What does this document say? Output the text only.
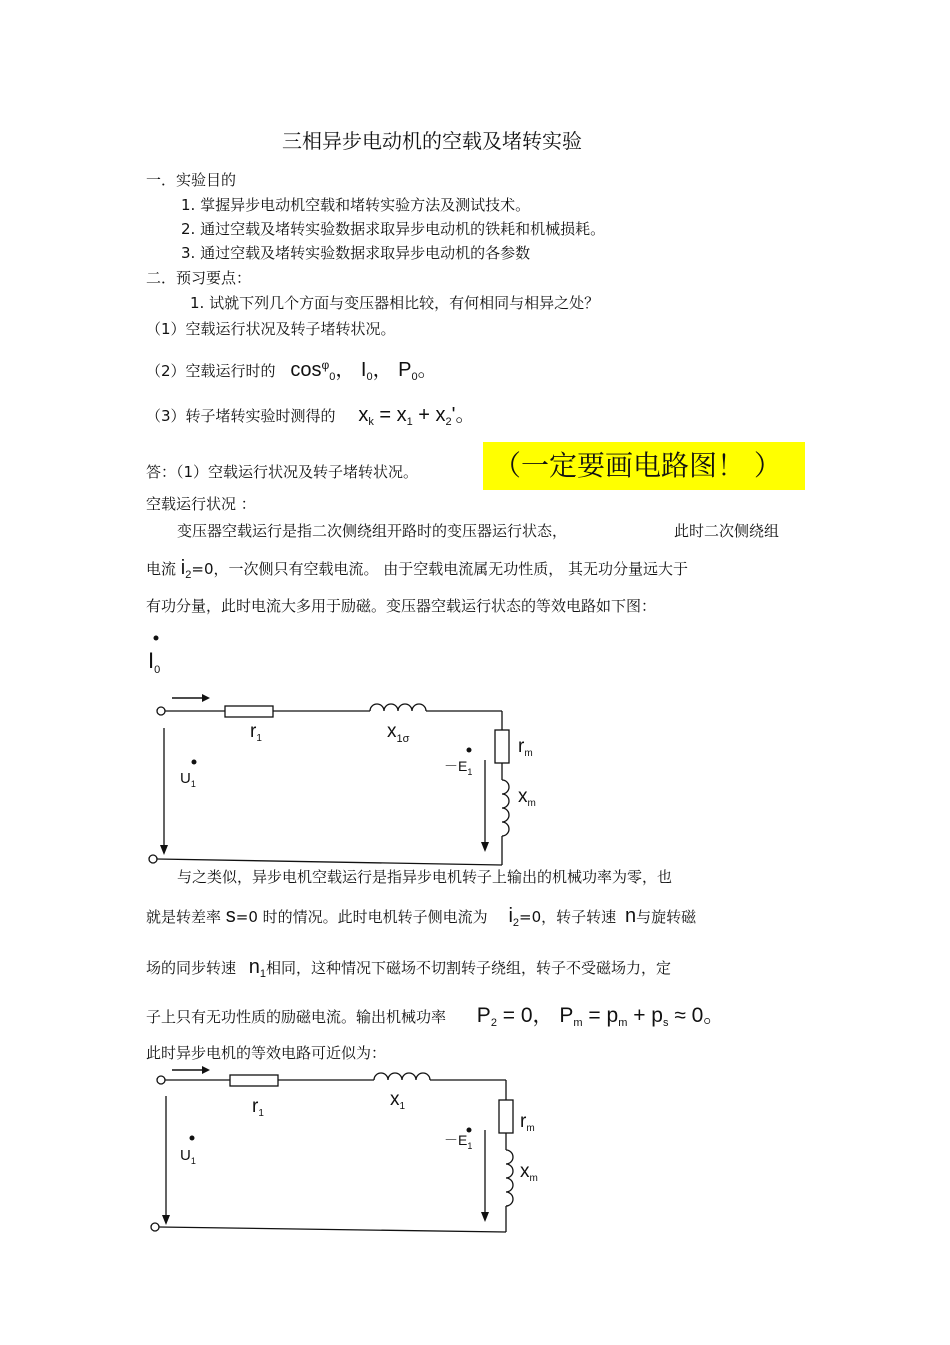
三相异步电动机的空载及堵转实验
一．实验目的
1. 掌握异步电动机空载和堵转实验方法及测试技术。
2. 通过空载及堵转实验数据求取异步电动机的铁耗和机械损耗。
3. 通过空载及堵转实验数据求取异步电动机的各参数
二．预习要点：
1. 试就下列几个方面与变压器相比较，有何相同与相异之处？
（1）空载运行状况及转子堵转状况。
（2）空载运行时的 $\cos^\varphi_0$， $I_0$， $P_0$。
（3）转子堵转实验时测得的 $x_k = x_1 + x_2'$。
答：（1）空载运行状况及转子堵转状况。	（一定要画电路图！ ）
空载运行状况 ：
变压器空载运行是指二次侧绕组开路时的变压器运行状态，	此时二次侧绕组
电流 $i_2=0$，一次侧只有空载电流。 由于空载电流属无功性质， 其无功分量远大于
有功分量，此时电流大多用于励磁。变压器空载运行状态的等效电路如下图：
$I_0$
$r_1$	$x_{1\sigma}$	$r_m$
$x_m$
$U_1$
$-E_1$
与之类似，异步电机空载运行是指异步电机转子上输出的机械功率为零，也
就是转差率 s=0 时的情况。此时电机转子侧电流为 $i_2=0$，转子转速 n与旋转磁
场的同步转速 $n_1$相同，这种情况下磁场不切割转子绕组，转子不受磁场力，定
子上只有无功性质的励磁电流。输出机械功率 P2 = 0， Pm = pm + ps ≈ 0。
此时异步电机的等效电路可近似为：
$r_1$
$x_1$
$r_m$
$x_m$
$U_1$
$-E_1$
